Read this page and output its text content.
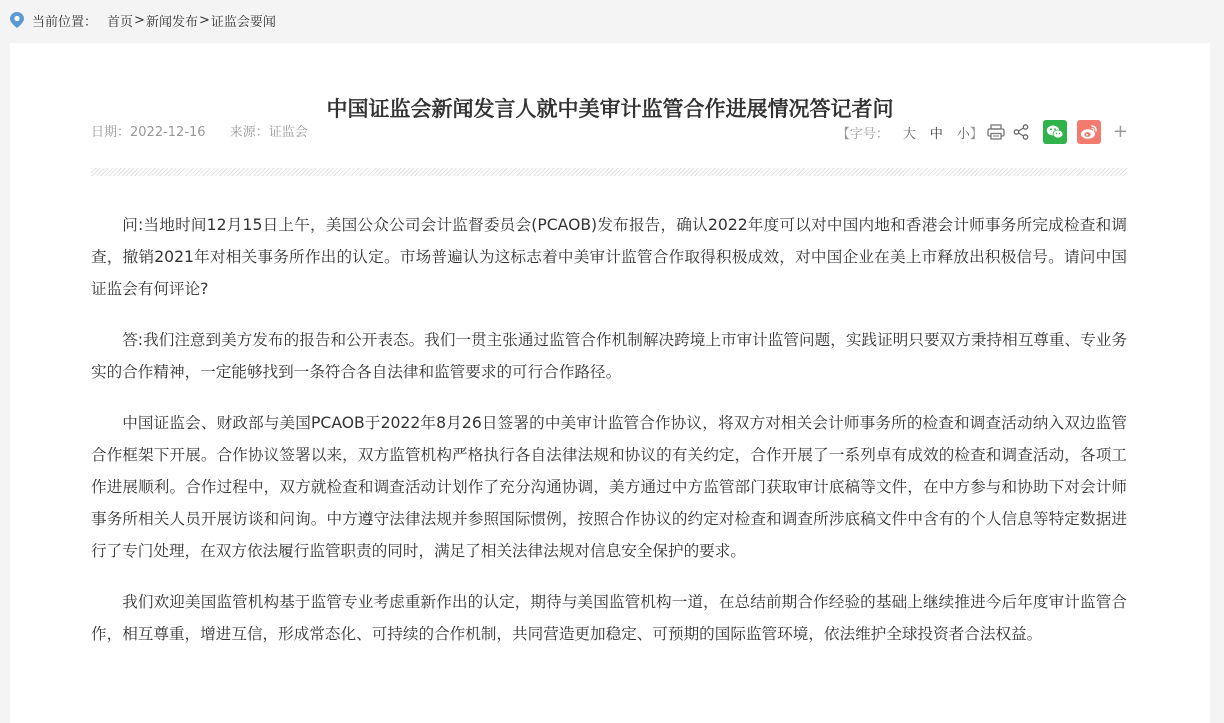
当前位置： 首页 > 新闻发布 > 证监会要闻
中国证监会新闻发言人就中美审计监管合作进展情况答记者问
日期：2022-12-16 来源：证监会	【字号： 大 中 小 】	+

问:当地时间12月15日上午，美国公众公司会计监督委员会(PCAOB)发布报告，确认2022年度可以对中国内地和香港会计师事务所完成检查和调查，撤销2021年对相关事务所作出的认定。市场普遍认为这标志着中美审计监管合作取得积极成效，对中国企业在美上市释放出积极信号。请问中国证监会有何评论?

答:我们注意到美方发布的报告和公开表态。我们一贯主张通过监管合作机制解决跨境上市审计监管问题，实践证明只要双方秉持相互尊重、专业务实的合作精神，一定能够找到一条符合各自法律和监管要求的可行合作路径。

中国证监会、财政部与美国PCAOB于2022年8月26日签署的中美审计监管合作协议，将双方对相关会计师事务所的检查和调查活动纳入双边监管合作框架下开展。合作协议签署以来，双方监管机构严格执行各自法律法规和协议的有关约定，合作开展了一系列卓有成效的检查和调查活动，各项工作进展顺利。合作过程中，双方就检查和调查活动计划作了充分沟通协调，美方通过中方监管部门获取审计底稿等文件，在中方参与和协助下对会计师事务所相关人员开展访谈和问询。中方遵守法律法规并参照国际惯例，按照合作协议的约定对检查和调查所涉底稿文件中含有的个人信息等特定数据进行了专门处理，在双方依法履行监管职责的同时，满足了相关法律法规对信息安全保护的要求。

我们欢迎美国监管机构基于监管专业考虑重新作出的认定，期待与美国监管机构一道，在总结前期合作经验的基础上继续推进今后年度审计监管合作，相互尊重，增进互信，形成常态化、可持续的合作机制，共同营造更加稳定、可预期的国际监管环境，依法维护全球投资者合法权益。
